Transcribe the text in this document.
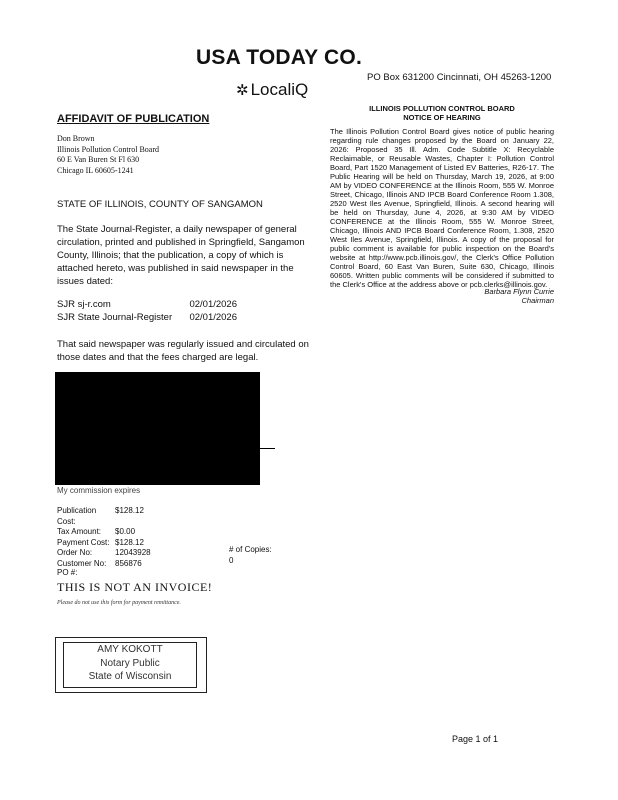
USA TODAY CO.
✲ LocaliQ
PO Box 631200 Cincinnati, OH 45263-1200
AFFIDAVIT OF PUBLICATION
Don Brown
Illinois Pollution Control Board
60 E Van Buren St Fl 630
Chicago IL 60605-1241
STATE OF ILLINOIS, COUNTY OF SANGAMON
The State Journal-Register, a daily newspaper of general circulation, printed and published in Springfield, Sangamon County, Illinois; that the publication, a copy of which is attached hereto, was published in said newspaper in the issues dated:
SJR sj-r.com	02/01/2026
SJR State Journal-Register	02/01/2026
That said newspaper was regularly issued and circulated on those dates and that the fees charged are legal.
My commission expires
Publication Cost:
$128.12
Tax Amount:	$0.00
Payment Cost: $128.12
Order No:	12043928
Customer No:	856876
# of Copies:
0
PO #:
THIS IS NOT AN INVOICE!
Please do not use this form for payment remittance.
AMY KOKOTT
Notary Public
State of Wisconsin
ILLINOIS POLLUTION CONTROL BOARD
NOTICE OF HEARING
The Illinois Pollution Control Board gives notice of public hearing regarding rule changes proposed by the Board on January 22, 2026: Proposed 35 Ill. Adm. Code Subtitle X: Recyclable Reclaimable, or Reusable Wastes, Chapter I: Pollution Control Board, Part 1520 Management of Listed EV Batteries, R26-17. The Public Hearing will be held on Thursday, March 19, 2026, at 9:00 AM by VIDEO CONFERENCE at the Illinois Room, 555 W. Monroe Street, Chicago, Illinois AND IPCB Board Conference Room 1.308, 2520 West Iles Avenue, Springfield, Illinois. A second hearing will be held on Thursday, June 4, 2026, at 9:30 AM by VIDEO CONFERENCE at the Illinois Room, 555 W. Monroe Street, Chicago, Illinois AND IPCB Board Conference Room, 1.308, 2520 West Iles Avenue, Springfield, Illinois. A copy of the proposal for public comment is available for public inspection on the Board's website at http://www.pcb.illinois.gov/, the Clerk's Office Pollution Control Board, 60 East Van Buren, Suite 630, Chicago, Illinois 60605. Written public comments will be considered if submitted to the Clerk's Office at the address above or pcb.clerks@illinois.gov.
Barbara Flynn Currie
Chairman
Page 1 of 1
